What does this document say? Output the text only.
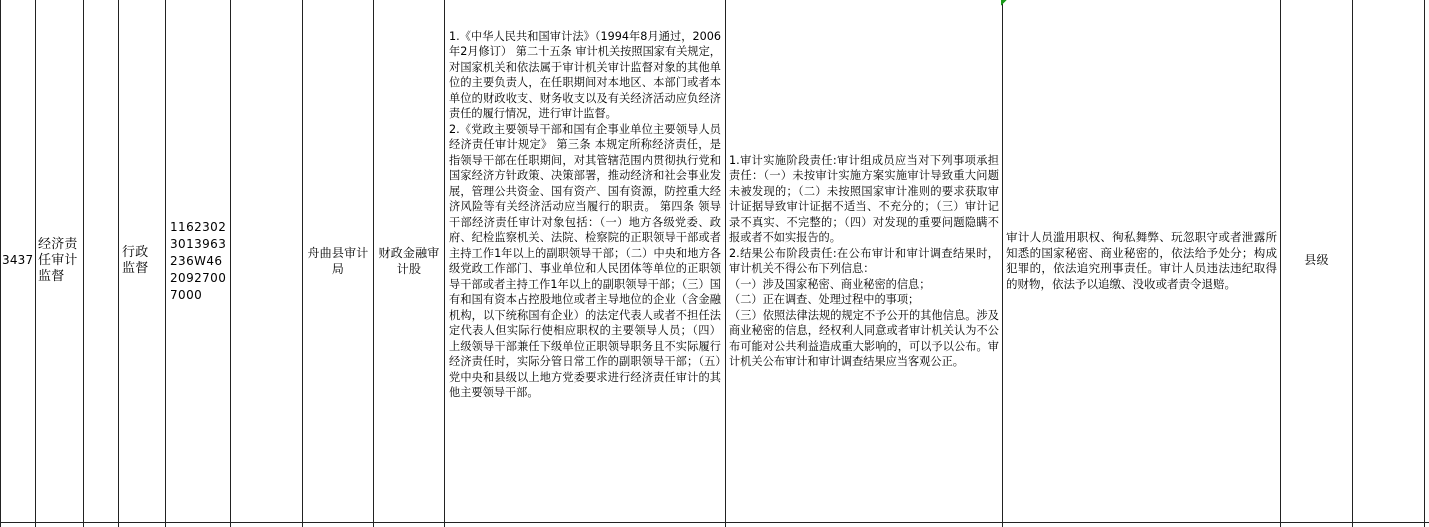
3437
经济责任审计监督
行政监督
11623023013963236W4620927007000
舟曲县审计局
财政金融审计股

1.《中华人民共和国审计法》（1994年8月通过，2006年2月修订） 第二十五条 审计机关按照国家有关规定，对国家机关和依法属于审计机关审计监督对象的其他单位的主要负责人，在任职期间对本地区、本部门或者本单位的财政收支、财务收支以及有关经济活动应负经济责任的履行情况，进行审计监督。
2.《党政主要领导干部和国有企事业单位主要领导人员经济责任审计规定》 第三条 本规定所称经济责任，是指领导干部在任职期间，对其管辖范围内贯彻执行党和国家经济方针政策、决策部署，推动经济和社会事业发展，管理公共资金、国有资产、国有资源，防控重大经济风险等有关经济活动应当履行的职责。 第四条 领导干部经济责任审计对象包括：（一）地方各级党委、政府、纪检监察机关、法院、检察院的正职领导干部或者主持工作1年以上的副职领导干部；（二）中央和地方各级党政工作部门、事业单位和人民团体等单位的正职领导干部或者主持工作1年以上的副职领导干部；（三）国有和国有资本占控股地位或者主导地位的企业（含金融机构，以下统称国有企业）的法定代表人或者不担任法定代表人但实际行使相应职权的主要领导人员；（四）上级领导干部兼任下级单位正职领导职务且不实际履行经济责任时，实际分管日常工作的副职领导干部；（五）党中央和县级以上地方党委要求进行经济责任审计的其他主要领导干部。

1.审计实施阶段责任:审计组成员应当对下列事项承担责任：（一）未按审计实施方案实施审计导致重大问题未被发现的；（二）未按照国家审计准则的要求获取审计证据导致审计证据不适当、不充分的；（三）审计记录不真实、不完整的；（四）对发现的重要问题隐瞒不报或者不如实报告的。
2.结果公布阶段责任:在公布审计和审计调查结果时，审计机关不得公布下列信息：
（一）涉及国家秘密、商业秘密的信息；
（二）正在调查、处理过程中的事项；
（三）依照法律法规的规定不予公开的其他信息。涉及商业秘密的信息，经权利人同意或者审计机关认为不公布可能对公共利益造成重大影响的，可以予以公布。审计机关公布审计和审计调查结果应当客观公正。
审计人员滥用职权、徇私舞弊、玩忽职守或者泄露所知悉的国家秘密、商业秘密的，依法给予处分；构成犯罪的，依法追究刑事责任。审计人员违法违纪取得的财物，依法予以追缴、没收或者责令退赔。
县级
